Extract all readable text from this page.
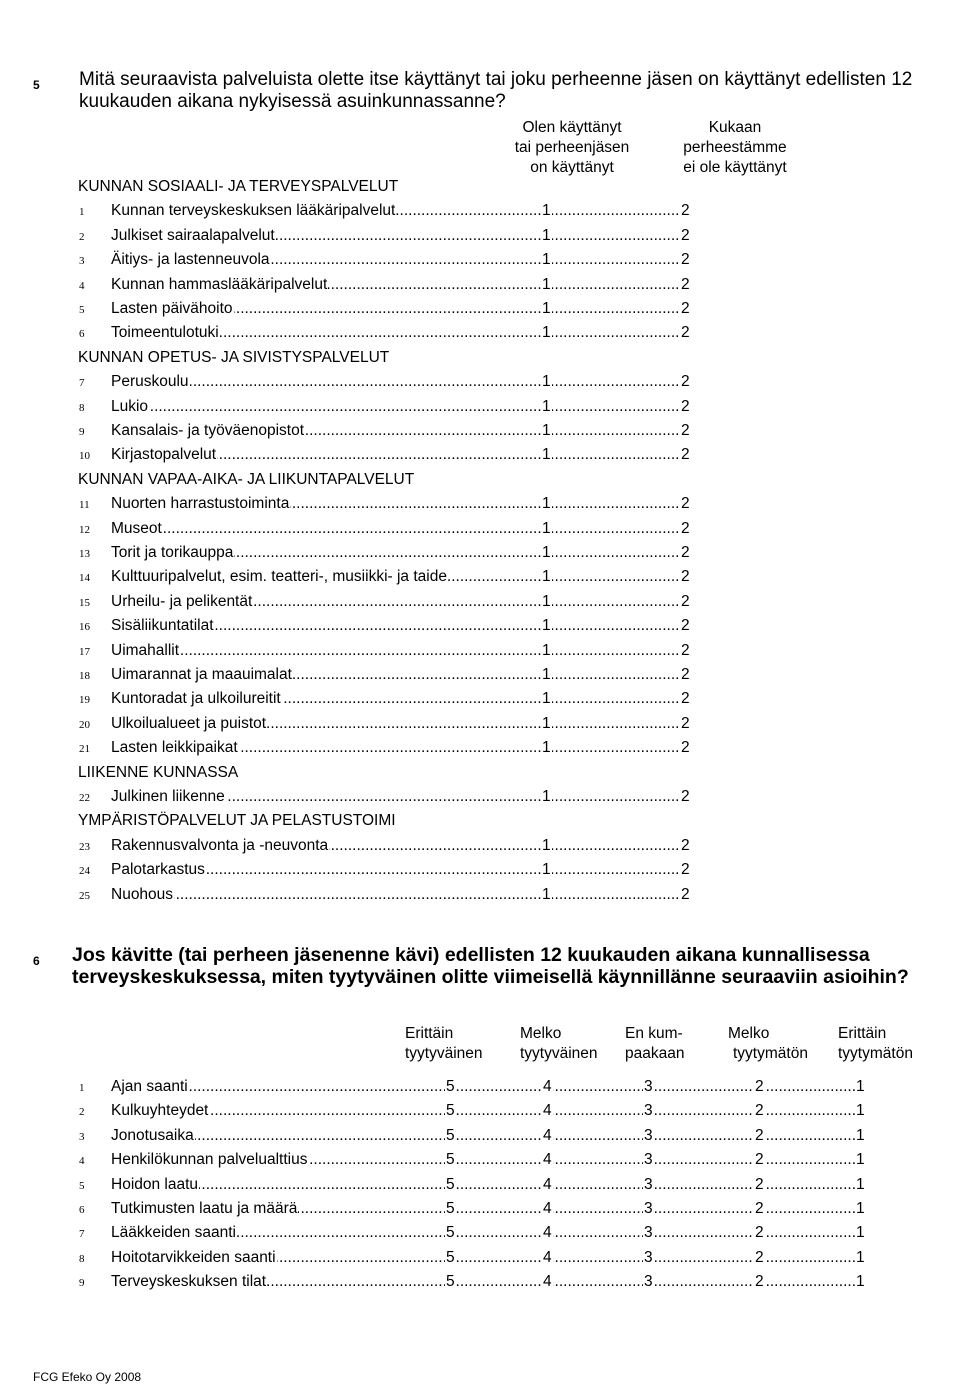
5 Mitä seuraavista palveluista olette itse käyttänyt tai joku perheenne jäsen on käyttänyt edellisten 12 kuukauden aikana nykyisessä asuinkunnassanne?
Olen käyttänyt
tai perheenjäsen
on käyttänyt
Kukaan
perheestämme
ei ole käyttänyt
KUNNAN SOSIAALI- JA TERVEYSPALVELUT
1 ..... Kunnan terveyskeskuksen lääkäripalvelut	1	2
2 ..... Julkiset sairaalapalvelut	1	2
3 ..... Äitiys- ja lastenneuvola	1	2
4 ..... Kunnan hammaslääkäripalvelut	1	2
5 ..... Lasten päivähoito	1	2
6 ..... Toimeentulotuki	1	2
KUNNAN OPETUS- JA SIVISTYSPALVELUT
7 ..... Peruskoulu	1	2
8 ..... Lukio	1	2
9 ..... Kansalais- ja työväenopistot	1	2
10 ..... Kirjastopalvelut	1	2
KUNNAN VAPAA-AIKA- JA LIIKUNTAPALVELUT
11 ..... Nuorten harrastustoiminta	1	2
12 ..... Museot	1	2
13 ..... Torit ja torikauppa	1	2
14 ..... Kulttuuripalvelut, esim. teatteri-, musiikki- ja taide	1	2
15 ..... Urheilu- ja pelikentät	1	2
16 ..... Sisäliikuntatilat	1	2
17 ..... Uimahallit	1	2
18 ..... Uimarannat ja maauimalat	1	2
19 ..... Kuntoradat ja ulkoilureitit	1	2
20 ..... Ulkoilualueet ja puistot	1	2
21 ..... Lasten leikkipaikat	1	2
LIIKENNE KUNNASSA
22 ..... Julkinen liikenne	1	2
YMPÄRISTÖPALVELUT JA PELASTUSTOIMI
23 ..... Rakennusvalvonta ja -neuvonta	1	2
24 ..... Palotarkastus	1	2
25 ..... Nuohous	1	2
6 Jos kävitte (tai perheen jäsenenne kävi) edellisten 12 kuukauden aikana kunnallisessa terveyskeskuksessa, miten tyytyväinen olitte viimeisellä käynnillänne seuraaviin asioihin?
Erittäin
tyytyväinen
Melko
tyytyväinen
En kum-
paakaan
Melko
tyytymätön
Erittäin
tyytymätön
1 ..... Ajan saanti	5	4	3	2	1
2 ..... Kulkuyhteydet	5	4	3	2	1
3 ..... Jonotusaika	5	4	3	2	1
4 ..... Henkilökunnan palvelualttius	5	4	3	2	1
5 ..... Hoidon laatu	5	4	3	2	1
6 ..... Tutkimusten laatu ja määrä	5	4	3	2	1
7 ..... Lääkkeiden saanti	5	4	3	2	1
8 ..... Hoitotarvikkeiden saanti	5	4	3	2	1
9 ..... Terveyskeskuksen tilat	5	4	3	2	1
FCG Efeko Oy 2008
